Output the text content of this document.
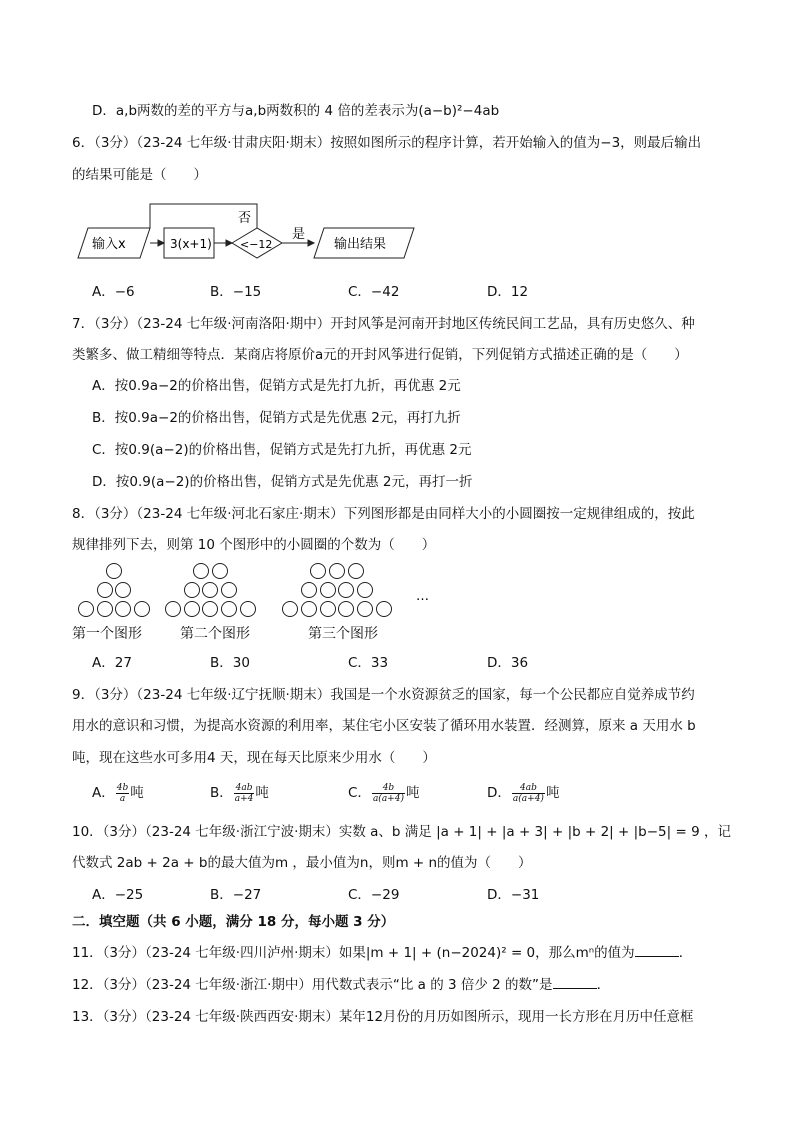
D．a,b两数的差的平方与a,b两数积的 4 倍的差表示为(a−b)²−4ab
6．（3分）（23-24 七年级·甘肃庆阳·期末）按照如图所示的程序计算，若开始输入的值为−3，则最后输出
的结果可能是（　　）
输入x	3(x+1)	<−12
否
是
输出结果
A．−6	B．−15	C．−42	D．12
7．（3分）（23-24 七年级·河南洛阳·期中）开封风筝是河南开封地区传统民间工艺品，具有历史悠久、种
类繁多、做工精细等特点．某商店将原价a元的开封风筝进行促销，下列促销方式描述正确的是（　　）
A．按0.9a−2的价格出售，促销方式是先打九折，再优惠 2元
B．按0.9a−2的价格出售，促销方式是先优惠 2元，再打九折
C．按0.9(a−2)的价格出售，促销方式是先打九折，再优惠 2元
D．按0.9(a−2)的价格出售，促销方式是先优惠 2元，再打一折
8．（3分）（23-24 七年级·河北石家庄·期末）下列图形都是由同样大小的小圆圈按一定规律组成的，按此
规律排列下去，则第 10 个图形中的小圆圈的个数为（　　）
…
第一个图形	第二个图形	第三个图形
A．27	B．30	C．33	D．36
9．（3分）（23-24 七年级·辽宁抚顺·期末）我国是一个水资源贫乏的国家，每一个公民都应自觉养成节约
用水的意识和习惯，为提高水资源的利用率，某住宅小区安装了循环用水装置．经测算，原来 a 天用水 b
吨，现在这些水可多用4 天，现在每天比原来少用水（　　）
A． $\frac{4b}{a}$ 吨	B． $\frac{4ab}{a+4}$ 吨	C． $\frac{4b}{a(a+4)}$ 吨	D． $\frac{4ab}{a(a+4)}$ 吨
10．（3分）（23-24 七年级·浙江宁波·期末）实数 a、b 满足 |a + 1| + |a + 3| + |b + 2| + |b−5| = 9 ，记
代数式 2ab + 2a + b的最大值为m ，最小值为n，则m + n的值为（　　）
A．−25	B．−27	C．−29	D．−31
二．填空题（共 6 小题，满分 18 分，每小题 3 分）
11．（3分）（23-24 七年级·四川泸州·期末）如果|m + 1| + (n−2024)² = 0，那么mⁿ的值为	．
12．（3分）（23-24 七年级·浙江·期中）用代数式表示“比 a 的 3 倍少 2 的数”是	．
13．（3分）（23-24 七年级·陕西西安·期末）某年12月份的月历如图所示，现用一长方形在月历中任意框
